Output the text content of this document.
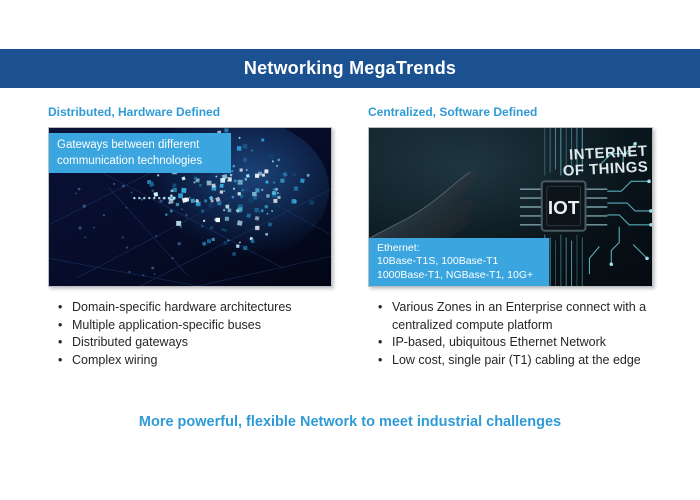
Networking MegaTrends
Distributed, Hardware Defined	Centralized, Software Defined
Gateways between different
communication technologies
IOT
INTERNET
OF THINGS
Ethernet:
10Base-T1S, 100Base-T1
1000Base-T1, NGBase-T1, 10G+
•
Domain-specific hardware architectures
•
Multiple application-specific buses
•
Distributed gateways
•
Complex wiring
•
Various Zones in an Enterprise connect with a centralized compute platform
•
IP-based, ubiquitous Ethernet Network
•
Low cost, single pair (T1) cabling at the edge
More powerful, flexible Network to meet industrial challenges
